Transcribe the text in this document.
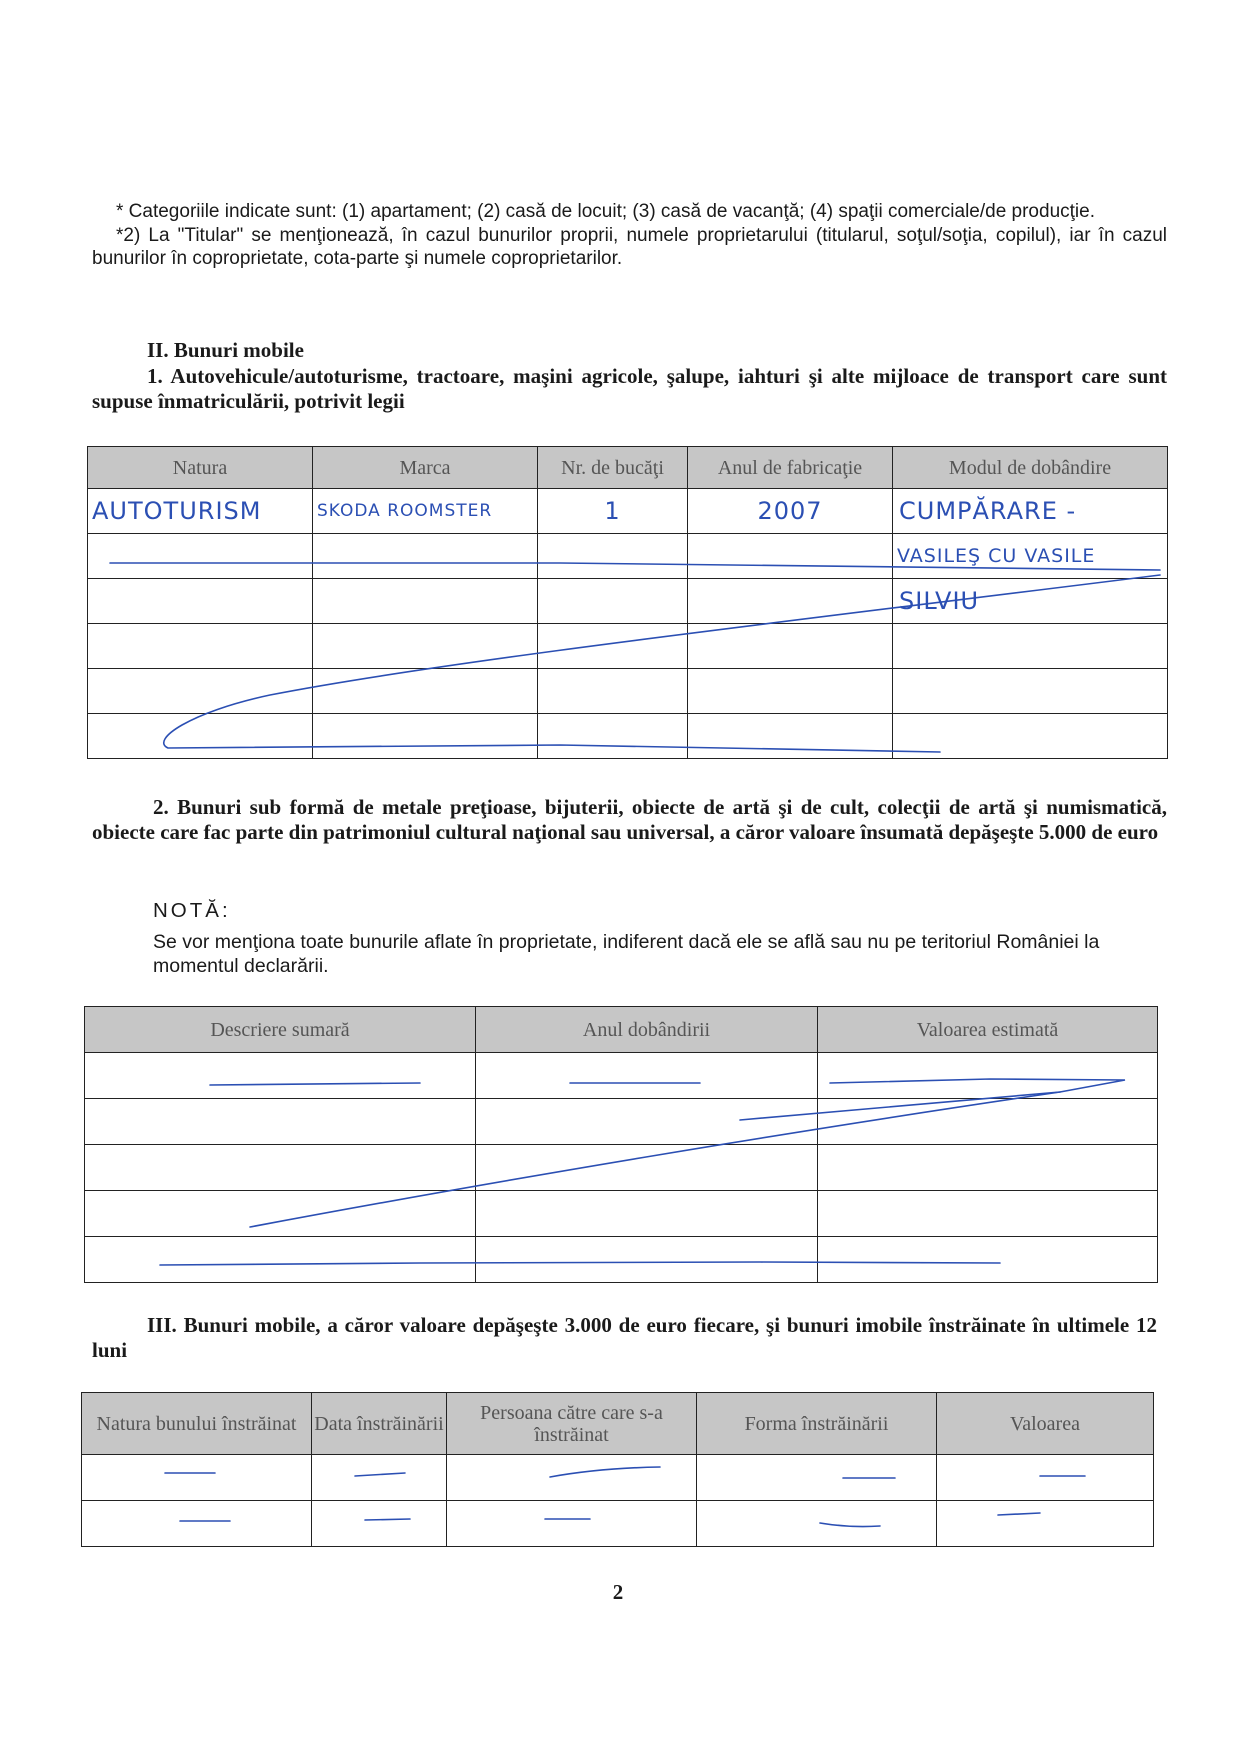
* Categoriile indicate sunt: (1) apartament; (2) casă de locuit; (3) casă de vacanţă; (4) spaţii comerciale/de producţie.
*2) La "Titular" se menţionează, în cazul bunurilor proprii, numele proprietarului (titularul, soţul/soţia, copilul), iar în cazul bunurilor în coproprietate, cota-parte şi numele coproprietarilor.
II. Bunuri mobile
1. Autovehicule/autoturisme, tractoare, maşini agricole, şalupe, iahturi şi alte mijloace de transport care sunt supuse înmatriculării, potrivit legii
Natura	Marca	Nr. de bucăţi	Anul de fabricaţie	Modul de dobândire
AUTOTURISM	SKODA ROOMSTER	1	2007	CUMPĂRARE -
				VASILEŞ CU VASILE
				SILVIU

2. Bunuri sub formă de metale preţioase, bijuterii, obiecte de artă şi de cult, colecţii de artă şi numismatică, obiecte care fac parte din patrimoniul cultural naţional sau universal, a căror valoare însumată depăşeşte 5.000 de euro
NOTĂ:
Se vor menţiona toate bunurile aflate în proprietate, indiferent dacă ele se află sau nu pe teritoriul României la momentul declarării.
Descriere sumară	Anul dobândirii	Valoarea estimată

III. Bunuri mobile, a căror valoare depăşeşte 3.000 de euro fiecare, şi bunuri imobile înstrăinate în ultimele 12 luni
Natura bunului înstrăinat	Data înstrăinării	Persoana către care s-a înstrăinat	Forma înstrăinării	Valoarea

2
